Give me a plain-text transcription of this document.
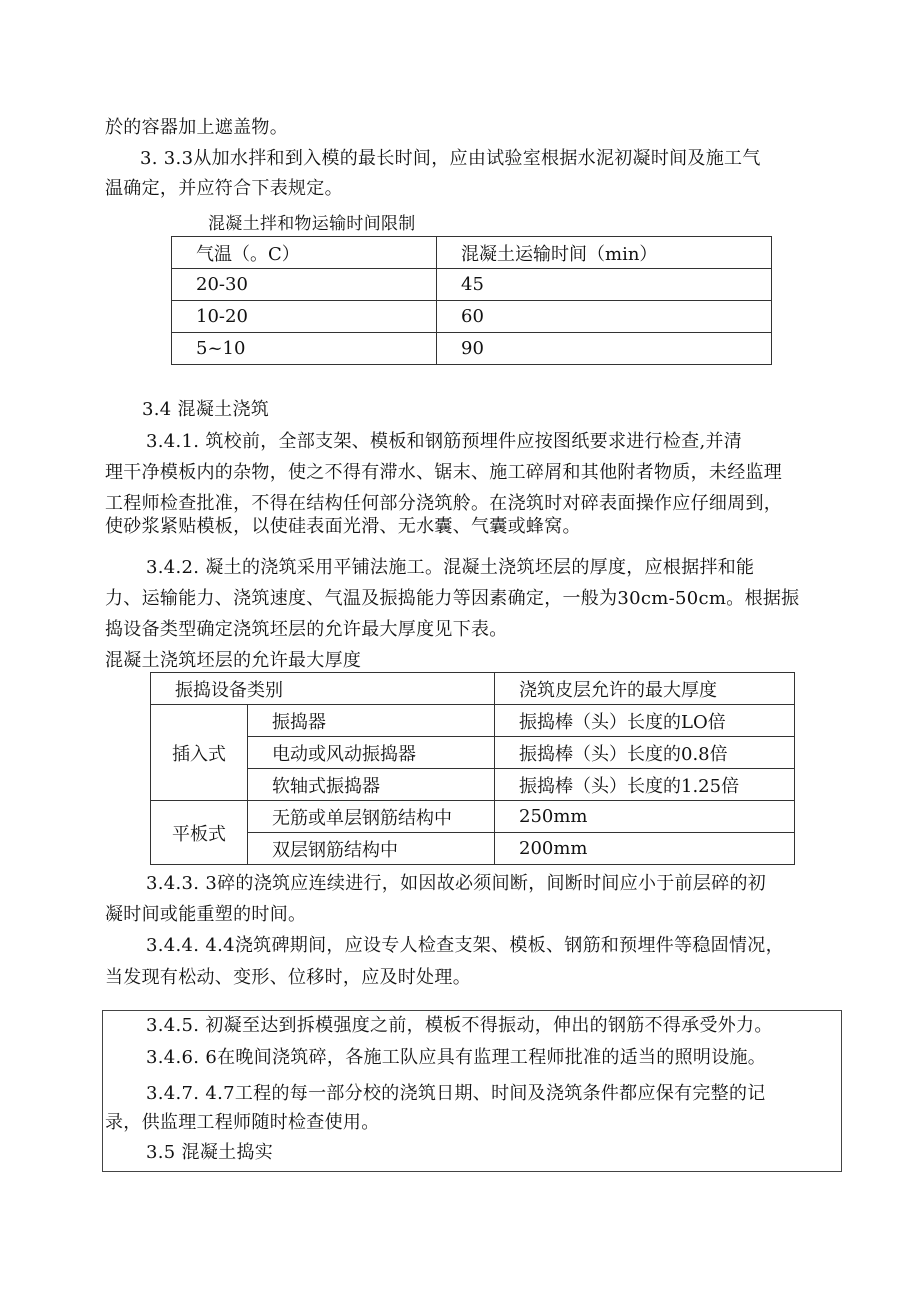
於的容器加上遮盖物。
3. 3.3从加水拌和到入模的最长时间，应由试验室根据水泥初凝时间及施工气
温确定，并应符合下表规定。
混凝土拌和物运输时间限制
气温（。C）	混凝土运输时间（min）
20-30	45
10-20	60
5~10	90
3.4 混凝土浇筑
3.4.1. 筑校前，全部支架、模板和钢筋预埋件应按图纸要求进行检查,并清
理干净模板内的杂物，使之不得有滞水、锯末、施工碎屑和其他附者物质，未经监理
工程师检查批准，不得在结构任何部分浇筑舲。在浇筑时对碎表面操作应仔细周到，
使砂浆紧贴模板，以使硅表面光滑、无水囊、气囊或蜂窝。
3.4.2. 凝土的浇筑采用平铺法施工。混凝土浇筑坯层的厚度，应根据拌和能
力、运输能力、浇筑速度、气温及振捣能力等因素确定，一般为30cm-50cm。根据振
捣设备类型确定浇筑坯层的允许最大厚度见下表。
混凝土浇筑坯层的允许最大厚度
振捣设备类别		浇筑皮层允许的最大厚度
插入式	振捣器	振捣棒（头）长度的LO倍
	电动或风动振捣器	振捣棒（头）长度的0.8倍
	软轴式振捣器	振捣棒（头）长度的1.25倍
平板式	无筋或单层钢筋结构中	250mm
	双层钢筋结构中	200mm
3.4.3. 3碎的浇筑应连续进行，如因故必须间断，间断时间应小于前层碎的初
凝时间或能重塑的时间。
3.4.4. 4.4浇筑碑期间，应设专人检查支架、模板、钢筋和预埋件等稳固情况，
当发现有松动、变形、位移时，应及时处理。
3.4.5. 初凝至达到拆模强度之前，模板不得振动，伸出的钢筋不得承受外力。
3.4.6. 6在晚间浇筑碎，各施工队应具有监理工程师批准的适当的照明设施。
3.4.7. 4.7工程的每一部分校的浇筑日期、时间及浇筑条件都应保有完整的记
录，供监理工程师随时检查使用。
3.5 混凝土捣实
